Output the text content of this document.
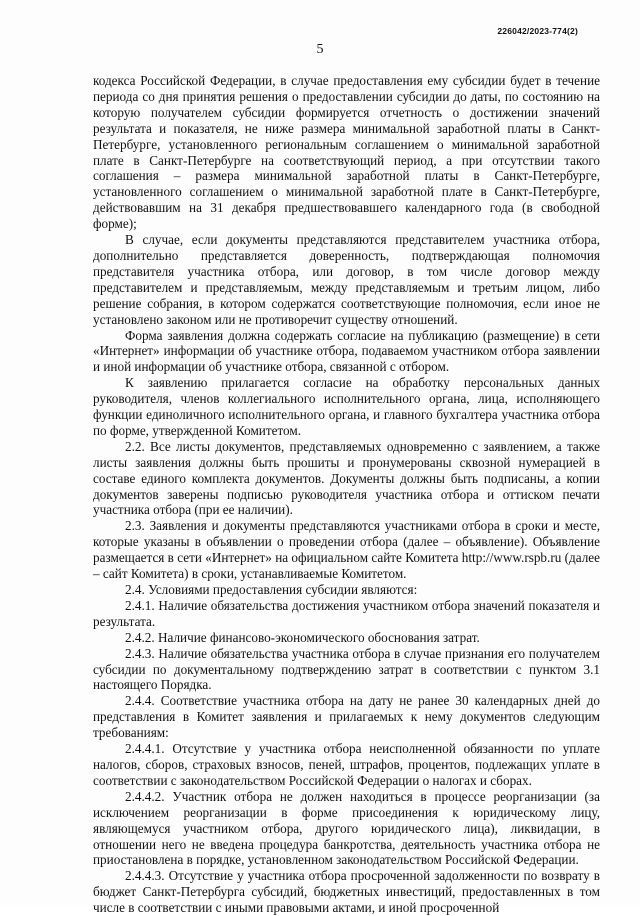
226042/2023-774(2)
5

кодекса Российской Федерации, в случае предоставления ему субсидии будет в течение периода со дня принятия решения о предоставлении субсидии до даты, по состоянию на которую получателем субсидии формируется отчетность о достижении значений результата и показателя, не ниже размера минимальной заработной платы в Санкт-Петербурге, установленного региональным соглашением о минимальной заработной плате в Санкт-Петербурге на соответствующий период, а при отсутствии такого соглашения – размера минимальной заработной платы в Санкт-Петербурге, установленного соглашением о минимальной заработной плате в Санкт-Петербурге, действовавшим на 31 декабря предшествовавшего календарного года (в свободной форме);

В случае, если документы представляются представителем участника отбора, дополнительно представляется доверенность, подтверждающая полномочия представителя участника отбора, или договор, в том числе договор между представителем и представляемым, между представляемым и третьим лицом, либо решение собрания, в котором содержатся соответствующие полномочия, если иное не установлено законом или не противоречит существу отношений.

Форма заявления должна содержать согласие на публикацию (размещение) в сети «Интернет» информации об участнике отбора, подаваемом участником отбора заявлении и иной информации об участнике отбора, связанной с отбором.

К заявлению прилагается согласие на обработку персональных данных руководителя, членов коллегиального исполнительного органа, лица, исполняющего функции единоличного исполнительного органа, и главного бухгалтера участника отбора по форме, утвержденной Комитетом.

2.2. Все листы документов, представляемых одновременно с заявлением, а также листы заявления должны быть прошиты и пронумерованы сквозной нумерацией в составе единого комплекта документов. Документы должны быть подписаны, а копии документов заверены подписью руководителя участника отбора и оттиском печати участника отбора (при ее наличии).

2.3. Заявления и документы представляются участниками отбора в сроки и месте, которые указаны в объявлении о проведении отбора (далее – объявление). Объявление размещается в сети «Интернет» на официальном сайте Комитета http://www.rspb.ru (далее – сайт Комитета) в сроки, устанавливаемые Комитетом.

2.4. Условиями предоставления субсидии являются:

2.4.1. Наличие обязательства достижения участником отбора значений показателя и результата.

2.4.2. Наличие финансово-экономического обоснования затрат.

2.4.3. Наличие обязательства участника отбора в случае признания его получателем субсидии по документальному подтверждению затрат в соответствии с пунктом 3.1 настоящего Порядка.

2.4.4. Соответствие участника отбора на дату не ранее 30 календарных дней до представления в Комитет заявления и прилагаемых к нему документов следующим требованиям:

2.4.4.1. Отсутствие у участника отбора неисполненной обязанности по уплате налогов, сборов, страховых взносов, пеней, штрафов, процентов, подлежащих уплате в соответствии с законодательством Российской Федерации о налогах и сборах.

2.4.4.2. Участник отбора не должен находиться в процессе реорганизации (за исключением реорганизации в форме присоединения к юридическому лицу, являющемуся участником отбора, другого юридического лица), ликвидации, в отношении него не введена процедура банкротства, деятельность участника отбора не приостановлена в порядке, установленном законодательством Российской Федерации.

2.4.4.3. Отсутствие у участника отбора просроченной задолженности по возврату в бюджет Санкт-Петербурга субсидий, бюджетных инвестиций, предоставленных в том числе в соответствии с иными правовыми актами, и иной просроченной
